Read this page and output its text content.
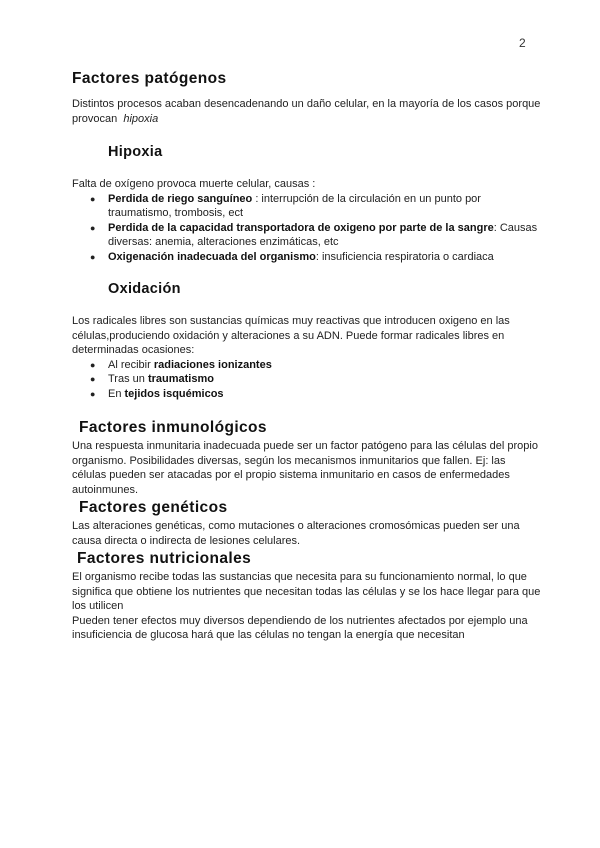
2
Factores patógenos

Distintos procesos acaban desencadenando un daño celular, en la mayoría de los casos porque provocan hipoxia

Hipoxia

Falta de oxígeno provoca muerte celular, causas :

● Perdida de riego sanguíneo : interrupción de la circulación en un punto por traumatismo, trombosis, ect
● Perdida de la capacidad transportadora de oxigeno por parte de la sangre: Causas diversas: anemia, alteraciones enzimáticas, etc
● Oxigenación inadecuada del organismo: insuficiencia respiratoria o cardiaca
Oxidación

Los radicales libres son sustancias químicas muy reactivas que introducen oxigeno en las células,produciendo oxidación y alteraciones a su ADN. Puede formar radicales libres en determinadas ocasiones:

● Al recibir radiaciones ionizantes
● Tras un traumatismo
● En tejidos isquémicos
Factores inmunológicos

Una respuesta inmunitaria inadecuada puede ser un factor patógeno para las células del propio organismo. Posibilidades diversas, según los mecanismos inmunitarios que fallen. Ej: las células pueden ser atacadas por el propio sistema inmunitario en casos de enfermedades autoinmunes.

Factores genéticos

Las alteraciones genéticas, como mutaciones o alteraciones cromosómicas pueden ser una causa directa o indirecta de lesiones celulares.

Factores nutricionales

El organismo recibe todas las sustancias que necesita para su funcionamiento normal, lo que significa que obtiene los nutrientes que necesitan todas las células y se los hace llegar para que los utilicen

Pueden tener efectos muy diversos dependiendo de los nutrientes afectados por ejemplo una insuficiencia de glucosa hará que las células no tengan la energía que necesitan
